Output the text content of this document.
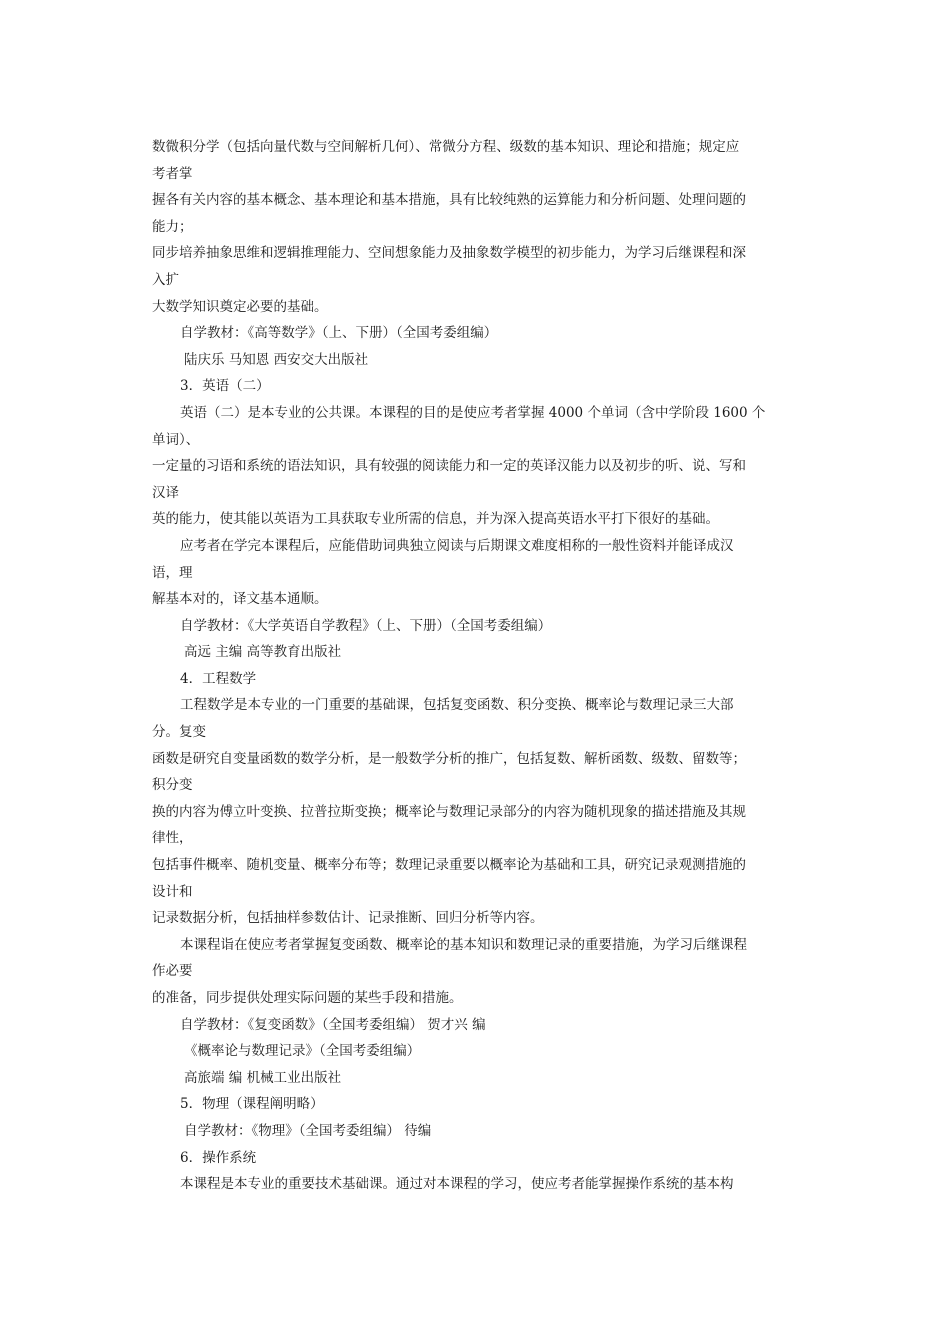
数微积分学（包括向量代数与空间解析几何）、常微分方程、级数的基本知识、理论和措施；规定应
考者掌
握各有关内容的基本概念、基本理论和基本措施，具有比较纯熟的运算能力和分析问题、处理问题的
能力；
同步培养抽象思维和逻辑推理能力、空间想象能力及抽象数学模型的初步能力，为学习后继课程和深
入扩
大数学知识奠定必要的基础。
自学教材：《高等数学》（上、下册）（全国考委组编）
陆庆乐 马知恩 西安交大出版社
3．英语（二）
英语（二）是本专业的公共课。本课程的目的是使应考者掌握 4000 个单词（含中学阶段 1600 个
单词）、
一定量的习语和系统的语法知识，具有较强的阅读能力和一定的英译汉能力以及初步的听、说、写和
汉译
英的能力，使其能以英语为工具获取专业所需的信息，并为深入提高英语水平打下很好的基础。
应考者在学完本课程后，应能借助词典独立阅读与后期课文难度相称的一般性资料并能译成汉
语，理
解基本对的，译文基本通顺。
自学教材：《大学英语自学教程》（上、下册）（全国考委组编）
高远 主编 高等教育出版社
4．工程数学
工程数学是本专业的一门重要的基础课，包括复变函数、积分变换、概率论与数理记录三大部
分。复变
函数是研究自变量函数的数学分析，是一般数学分析的推广，包括复数、解析函数、级数、留数等；
积分变
换的内容为傅立叶变换、拉普拉斯变换；概率论与数理记录部分的内容为随机现象的描述措施及其规
律性，
包括事件概率、随机变量、概率分布等；数理记录重要以概率论为基础和工具，研究记录观测措施的
设计和
记录数据分析，包括抽样参数估计、记录推断、回归分析等内容。
本课程诣在使应考者掌握复变函数、概率论的基本知识和数理记录的重要措施，为学习后继课程
作必要
的准备，同步提供处理实际问题的某些手段和措施。
自学教材：《复变函数》（全国考委组编） 贺才兴 编
《概率论与数理记录》（全国考委组编）
高旅端 编 机械工业出版社
5．物理（课程阐明略）
自学教材：《物理》（全国考委组编） 待编
6．操作系统
本课程是本专业的重要技术基础课。通过对本课程的学习，使应考者能掌握操作系统的基本构
